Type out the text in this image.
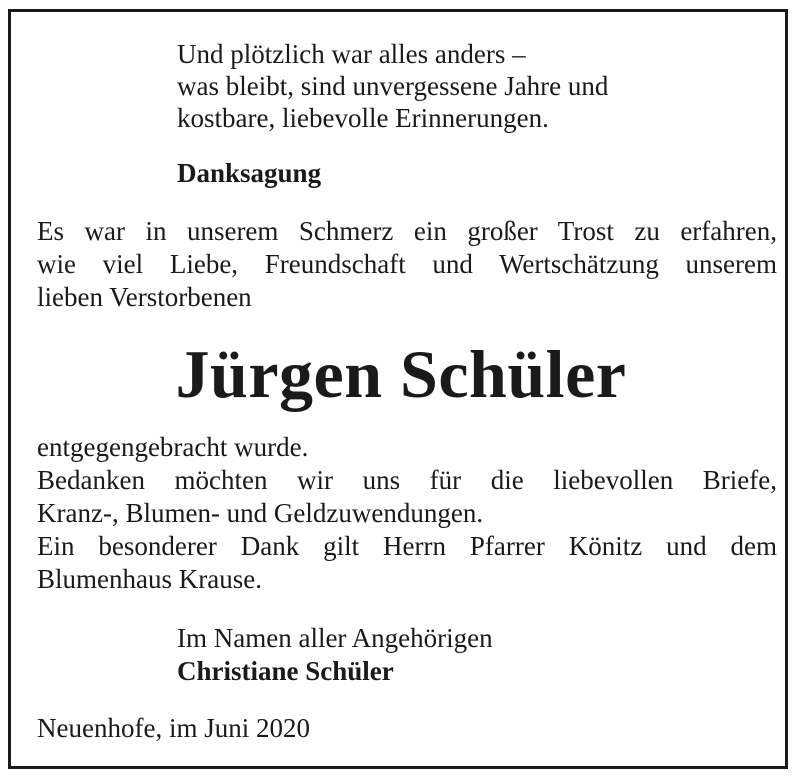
Und plötzlich war alles anders –
was bleibt, sind unvergessene Jahre und
kostbare, liebevolle Erinnerungen.
Danksagung
Es war in unserem Schmerz ein großer Trost zu erfahren,
wie viel Liebe, Freundschaft und Wertschätzung unserem
lieben Verstorbenen
Jürgen Schüler
entgegengebracht wurde.
Bedanken möchten wir uns für die liebevollen Briefe,
Kranz-, Blumen- und Geldzuwendungen.
Ein besonderer Dank gilt Herrn Pfarrer Könitz und dem
Blumenhaus Krause.
Im Namen aller Angehörigen
Christiane Schüler
Neuenhofe, im Juni 2020
